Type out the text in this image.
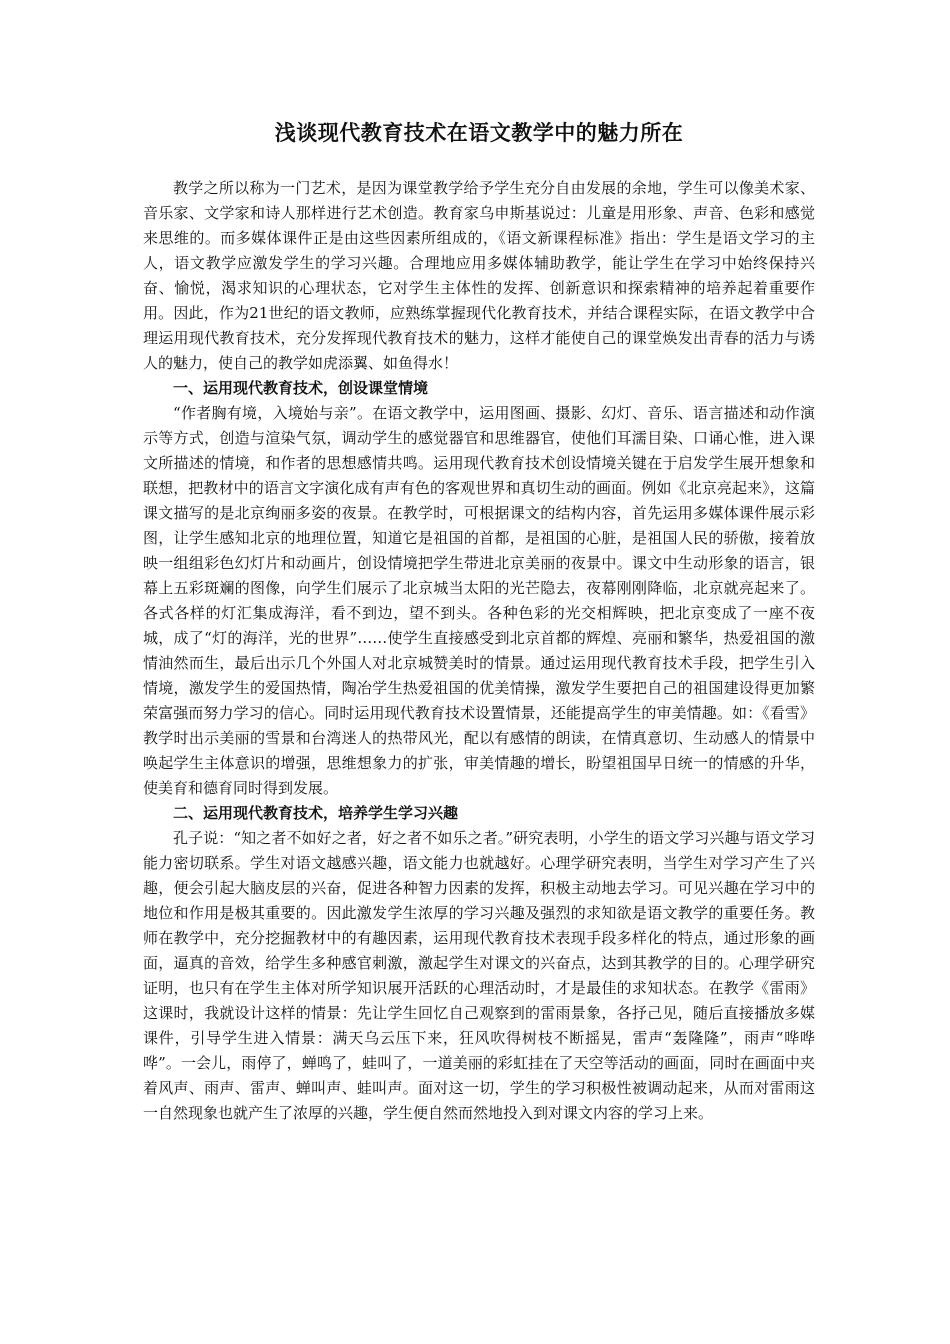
浅谈现代教育技术在语文教学中的魅力所在

教学之所以称为一门艺术，是因为课堂教学给予学生充分自由发展的余地，学生可以像美术家、音乐家、文学家和诗人那样进行艺术创造。教育家乌申斯基说过：儿童是用形象、声音、色彩和感觉来思维的。而多媒体课件正是由这些因素所组成的，《语文新课程标准》指出：学生是语文学习的主人，语文教学应激发学生的学习兴趣。合理地应用多媒体辅助教学，能让学生在学习中始终保持兴奋、愉悦，渴求知识的心理状态，它对学生主体性的发挥、创新意识和探索精神的培养起着重要作用。因此，作为21世纪的语文教师，应熟练掌握现代化教育技术，并结合课程实际，在语文教学中合理运用现代教育技术，充分发挥现代教育技术的魅力，这样才能使自己的课堂焕发出青春的活力与诱人的魅力，使自己的教学如虎添翼、如鱼得水！

一、运用现代教育技术，创设课堂情境

“作者胸有境，入境始与亲”。在语文教学中，运用图画、摄影、幻灯、音乐、语言描述和动作演示等方式，创造与渲染气氛，调动学生的感觉器官和思维器官，使他们耳濡目染、口诵心惟，进入课文所描述的情境，和作者的思想感情共鸣。运用现代教育技术创设情境关键在于启发学生展开想象和联想，把教材中的语言文字演化成有声有色的客观世界和真切生动的画面。例如《北京亮起来》，这篇课文描写的是北京绚丽多姿的夜景。在教学时，可根据课文的结构内容，首先运用多媒体课件展示彩图，让学生感知北京的地理位置，知道它是祖国的首都，是祖国的心脏，是祖国人民的骄傲，接着放映一组组彩色幻灯片和动画片，创设情境把学生带进北京美丽的夜景中。课文中生动形象的语言，银幕上五彩斑斓的图像，向学生们展示了北京城当太阳的光芒隐去，夜幕刚刚降临，北京就亮起来了。各式各样的灯汇集成海洋，看不到边，望不到头。各种色彩的光交相辉映，把北京变成了一座不夜城，成了“灯的海洋，光的世界”……使学生直接感受到北京首都的辉煌、亮丽和繁华，热爱祖国的激情油然而生，最后出示几个外国人对北京城赞美时的情景。通过运用现代教育技术手段，把学生引入情境，激发学生的爱国热情，陶冶学生热爱祖国的优美情操，激发学生要把自己的祖国建设得更加繁荣富强而努力学习的信心。同时运用现代教育技术设置情景，还能提高学生的审美情趣。如：《看雪》教学时出示美丽的雪景和台湾迷人的热带风光，配以有感情的朗读，在情真意切、生动感人的情景中唤起学生主体意识的增强，思维想象力的扩张，审美情趣的增长，盼望祖国早日统一的情感的升华，使美育和德育同时得到发展。

二、运用现代教育技术，培养学生学习兴趣

孔子说：“知之者不如好之者，好之者不如乐之者。”研究表明，小学生的语文学习兴趣与语文学习能力密切联系。学生对语文越感兴趣，语文能力也就越好。心理学研究表明，当学生对学习产生了兴趣，便会引起大脑皮层的兴奋，促进各种智力因素的发挥，积极主动地去学习。可见兴趣在学习中的地位和作用是极其重要的。因此激发学生浓厚的学习兴趣及强烈的求知欲是语文教学的重要任务。教师在教学中，充分挖掘教材中的有趣因素，运用现代教育技术表现手段多样化的特点，通过形象的画面，逼真的音效，给学生多种感官刺激，激起学生对课文的兴奋点，达到其教学的目的。心理学研究证明，也只有在学生主体对所学知识展开活跃的心理活动时，才是最佳的求知状态。在教学《雷雨》这课时，我就设计这样的情景：先让学生回忆自己观察到的雷雨景象，各抒己见，随后直接播放多媒课件，引导学生进入情景：满天乌云压下来，狂风吹得树枝不断摇晃，雷声“轰隆隆”，雨声“哗哗哗”。一会儿，雨停了，蝉鸣了，蛙叫了，一道美丽的彩虹挂在了天空等活动的画面，同时在画面中夹着风声、雨声、雷声、蝉叫声、蛙叫声。面对这一切，学生的学习积极性被调动起来，从而对雷雨这一自然现象也就产生了浓厚的兴趣，学生便自然而然地投入到对课文内容的学习上来。
